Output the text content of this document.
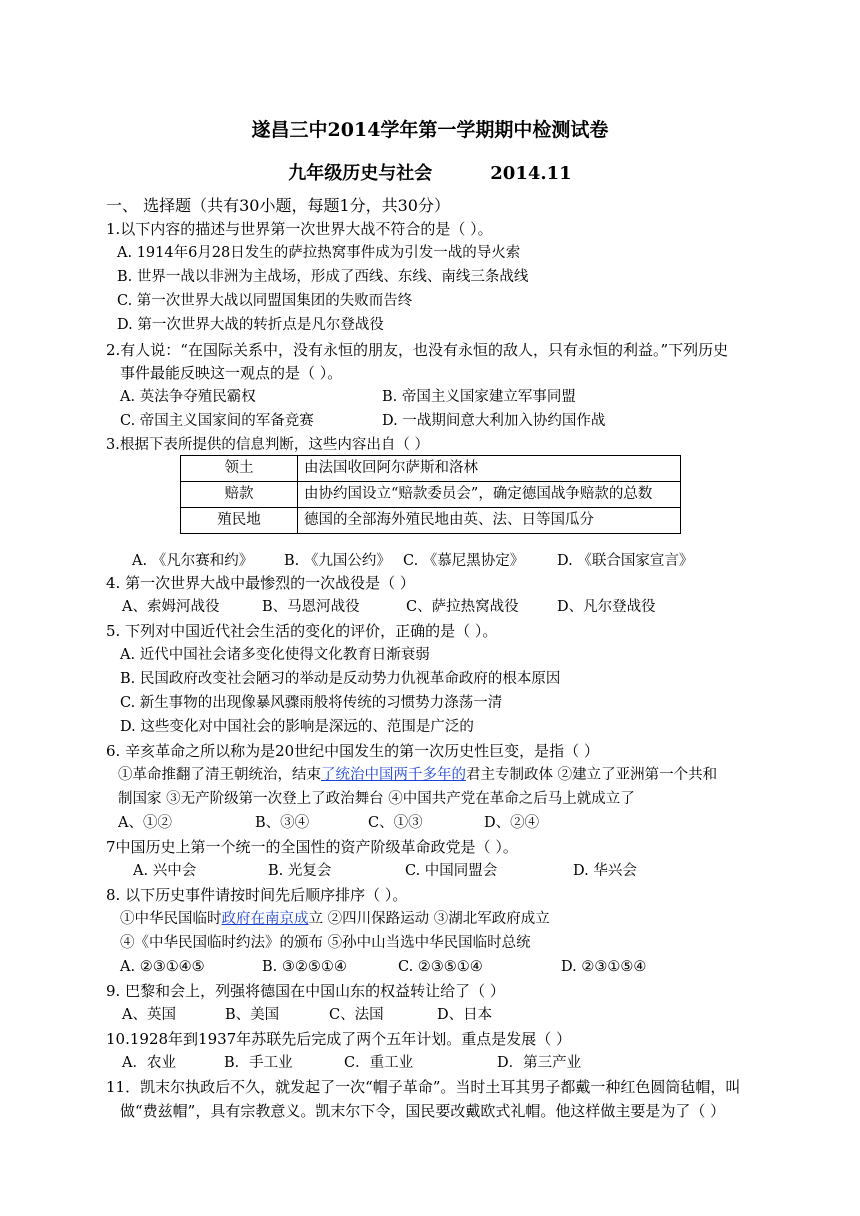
遂昌三中2014学年第一学期期中检测试卷
九年级历史与社会	2014.11
一、 选择题（共有30小题，每题1分，共30分）
1.以下内容的描述与世界第一次世界大战不符合的是（ ）。
A. 1914年6月28日发生的萨拉热窝事件成为引发一战的导火索
B. 世界一战以非洲为主战场，形成了西线、东线、南线三条战线
C. 第一次世界大战以同盟国集团的失败而告终
D. 第一次世界大战的转折点是凡尔登战役
2.有人说：“在国际关系中，没有永恒的朋友，也没有永恒的敌人，只有永恒的利益。”下列历史
事件最能反映这一观点的是（ ）。
A. 英法争夺殖民霸权	B. 帝国主义国家建立军事同盟
C. 帝国主义国家间的军备竞赛	D. 一战期间意大利加入协约国作战
3.根据下表所提供的信息判断，这些内容出自（ ）
领土	由法国收回阿尔萨斯和洛林
赔款	由协约国设立“赔款委员会”，确定德国战争赔款的总数
殖民地	德国的全部海外殖民地由英、法、日等国瓜分
A. 《凡尔赛和约》 B. 《九国公约》 C. 《慕尼黑协定》 D. 《联合国家宣言》
4. 第一次世界大战中最惨烈的一次战役是（ ）
A、索姆河战役	B、马恩河战役	C、萨拉热窝战役	D、凡尔登战役
5. 下列对中国近代社会生活的变化的评价，正确的是（ ）。
A. 近代中国社会诸多变化使得文化教育日渐衰弱
B. 民国政府改变社会陋习的举动是反动势力仇视革命政府的根本原因
C. 新生事物的出现像暴风骤雨般将传统的习惯势力涤荡一清
D. 这些变化对中国社会的影响是深远的、范围是广泛的
6. 辛亥革命之所以称为是20世纪中国发生的第一次历史性巨变，是指（ ）
①革命推翻了清王朝统治，结束了统治中国两千多年的君主专制政体 ②建立了亚洲第一个共和
制国家 ③无产阶级第一次登上了政治舞台 ④中国共产党在革命之后马上就成立了
A、①②	B、③④	C、①③	D、②④
7中国历史上第一个统一的全国性的资产阶级革命政党是（ ）。
A. 兴中会	B. 光复会	C. 中国同盟会	D. 华兴会
8. 以下历史事件请按时间先后顺序排序（ ）。
①中华民国临时政府在南京成立 ②四川保路运动 ③湖北军政府成立
④《中华民国临时约法》的颁布 ⑤孙中山当选中华民国临时总统
A. ②③①④⑤	B. ③②⑤①④	C. ②③⑤①④	D. ②③①⑤④
9. 巴黎和会上，列强将德国在中国山东的权益转让给了（ ）
A、英国	B、美国	C、法国	D、日本
10.1928年到1937年苏联先后完成了两个五年计划。重点是发展（ ）
A．农业	B．手工业	C．重工业	D．第三产业
11．凯末尔执政后不久，就发起了一次“帽子革命”。当时土耳其男子都戴一种红色圆筒毡帽，叫
做“费兹帽”，具有宗教意义。凯末尔下令，国民要改戴欧式礼帽。他这样做主要是为了（ ）
